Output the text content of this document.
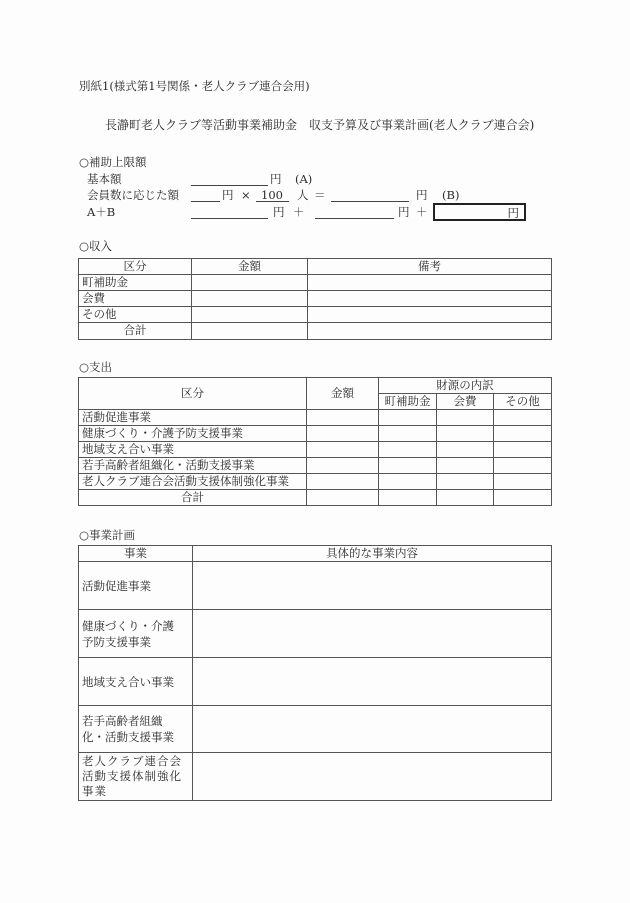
別紙1(様式第1号関係・老人クラブ連合会用)
長瀞町老人クラブ等活動事業補助金　収支予算及び事業計画(老人クラブ連合会)
○補助上限額
基本額	円 (A)
会員数に応じた額	円 × 100 人 ＝	円 (B)
A＋B	円 ＋	円 ＋	円
○収入
区分	金額	備考
町補助金		
会費		
その他		
合計		
○支出
区分	金額	財源の内訳		
		町補助金	会費	その他
活動促進事業				
健康づくり・介護予防支援事業				
地域支え合い事業				
若手高齢者組織化・活動支援事業				
老人クラブ連合会活動支援体制強化事業				
合計				
○事業計画
事業	具体的な事業内容
活動促進事業	
健康づくり・介護
予防支援事業	
地域支え合い事業	
若手高齢者組織
化・活動支援事業	
老人クラブ連合会
活動支援体制強化
事業	
